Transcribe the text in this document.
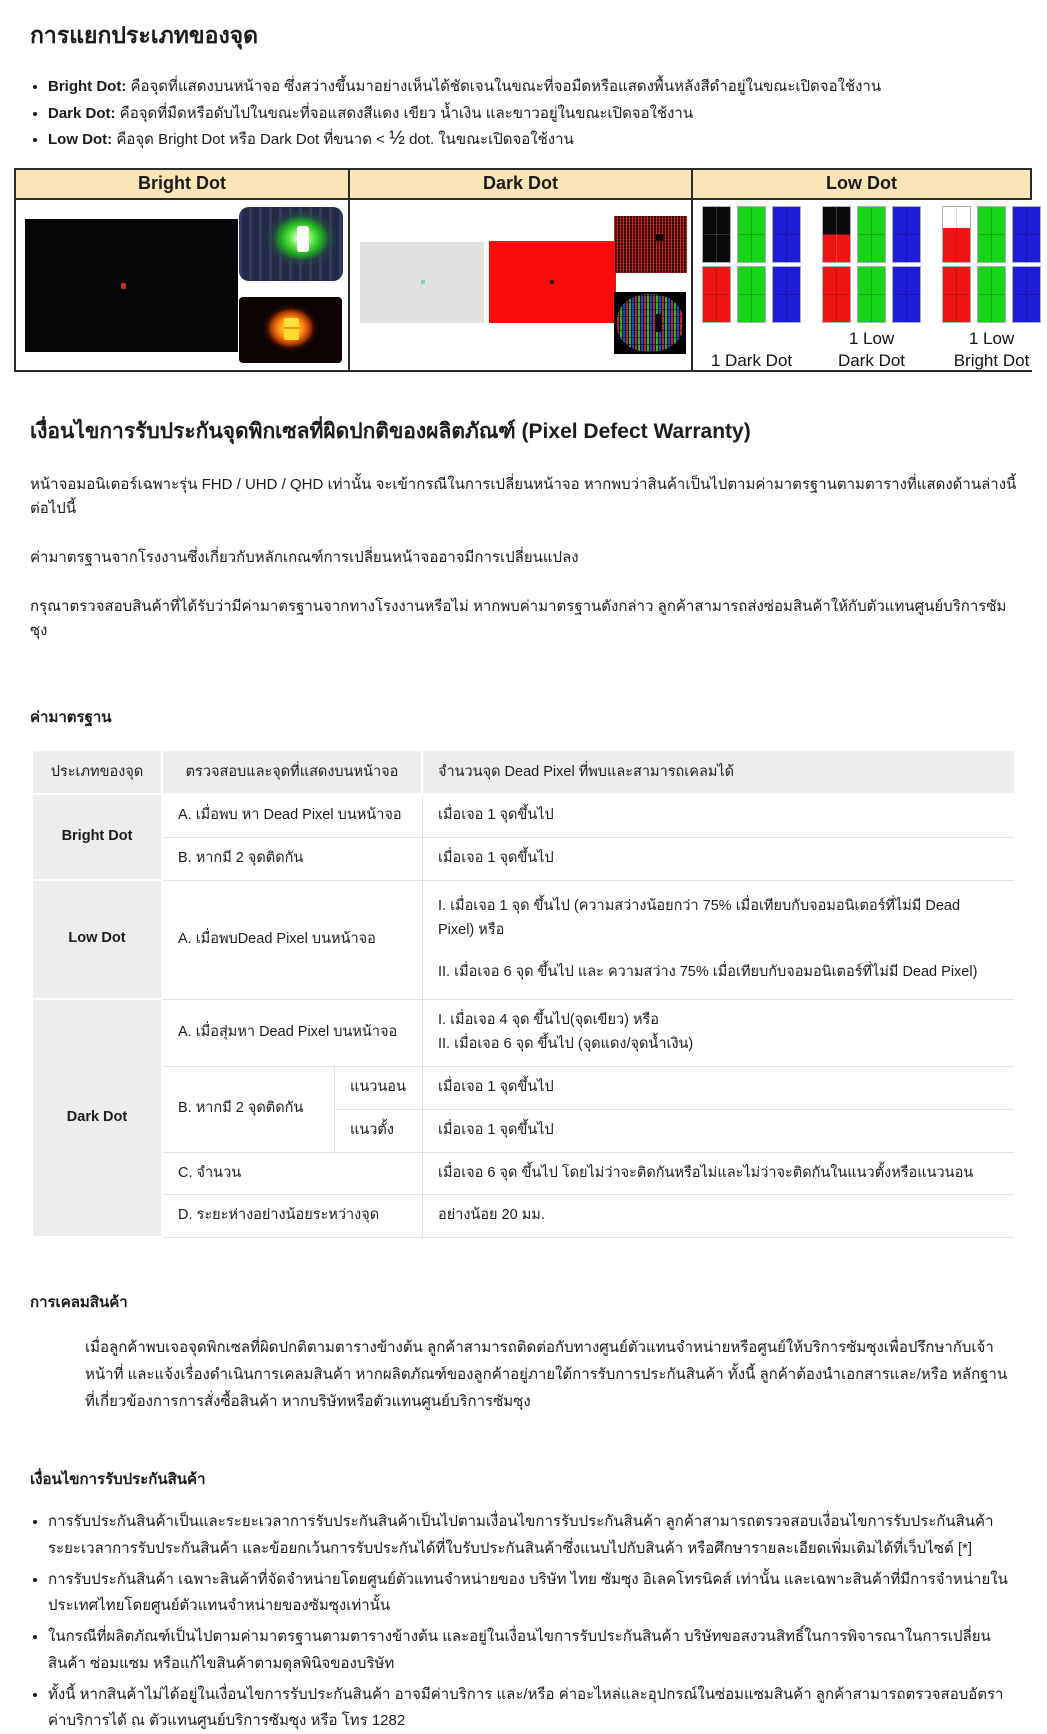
การแยกประเภทของจุด
• Bright Dot: คือจุดที่แสดงบนหน้าจอ ซึ่งสว่างขึ้นมาอย่างเห็นได้ชัดเจนในขณะที่จอมืดหรือแสดงพื้นหลังสีดำอยู่ในขณะเปิดจอใช้งาน
• Dark Dot: คือจุดที่มืดหรือดับไปในขณะที่จอแสดงสีแดง เขียว น้ำเงิน และขาวอยู่ในขณะเปิดจอใช้งาน
• Low Dot: คือจุด Bright Dot หรือ Dark Dot ที่ขนาด < ½ dot. ในขณะเปิดจอใช้งาน
Bright Dot	Dark Dot	Low Dot
1 Dark Dot
1 Low
Dark Dot
1 Low
Bright Dot
เงื่อนไขการรับประกันจุดพิกเซลที่ผิดปกติของผลิตภัณฑ์ (Pixel Defect Warranty)
หน้าจอมอนิเตอร์เฉพาะรุ่น FHD / UHD / QHD เท่านั้น จะเข้ากรณีในการเปลี่ยนหน้าจอ หากพบว่าสินค้าเป็นไปตามค่ามาตรฐานตามตารางที่แสดงด้านล่างนี้ต่อไปนี้
ค่ามาตรฐานจากโรงงานซึ่งเกี่ยวกับหลักเกณฑ์การเปลี่ยนหน้าจออาจมีการเปลี่ยนแปลง
กรุณาตรวจสอบสินค้าที่ได้รับว่ามีค่ามาตรฐานจากทางโรงงานหรือไม่ หากพบค่ามาตรฐานดังกล่าว ลูกค้าสามารถส่งซ่อมสินค้าให้กับตัวแทนศูนย์บริการซัมซุง
ค่ามาตรฐาน
ประเภทของจุด	ตรวจสอบและจุดที่แสดงบนหน้าจอ		จำนวนจุด Dead Pixel ที่พบและสามารถเคลมได้
Bright Dot	A. เมื่อพบ หา Dead Pixel บนหน้าจอ		เมื่อเจอ 1 จุดขึ้นไป
	B. หากมี 2 จุดติดกัน		เมื่อเจอ 1 จุดขึ้นไป
Low Dot	A. เมื่อพบDead Pixel บนหน้าจอ		I. เมื่อเจอ 1 จุด ขึ้นไป (ความสว่างน้อยกว่า 75% เมื่อเทียบกับจอมอนิเตอร์ที่ไม่มี Dead Pixel) หรือ
II. เมื่อเจอ 6 จุด ขึ้นไป และ ความสว่าง 75% เมื่อเทียบกับจอมอนิเตอร์ที่ไม่มี Dead Pixel)

Dark Dot	A. เมื่อสุ่มหา Dead Pixel บนหน้าจอ		I. เมื่อเจอ 4 จุด ขึ้นไป(จุดเขียว) หรือ
II. เมื่อเจอ 6 จุด ขึ้นไป (จุดแดง/จุดน้ำเงิน)
	B. หากมี 2 จุดติดกัน	แนวนอน	เมื่อเจอ 1 จุดขึ้นไป
		แนวตั้ง	เมื่อเจอ 1 จุดขึ้นไป
	C. จำนวน		เมื่อเจอ 6 จุด ขึ้นไป โดยไม่ว่าจะติดกันหรือไม่และไม่ว่าจะติดกันในแนวตั้งหรือแนวนอน
	D. ระยะห่างอย่างน้อยระหว่างจุด		อย่างน้อย 20 มม.
การเคลมสินค้า
เมื่อลูกค้าพบเจอจุดพิกเซลที่ผิดปกติตามตารางข้างต้น ลูกค้าสามารถติดต่อกับทางศูนย์ตัวแทนจำหน่ายหรือศูนย์ให้บริการซัมซุงเพื่อปรึกษากับเจ้าหน้าที่ และแจ้งเรื่องดำเนินการเคลมสินค้า หากผลิตภัณฑ์ของลูกค้าอยู่ภายใต้การรับการประกันสินค้า ทั้งนี้ ลูกค้าต้องนำเอกสารและ/หรือ หลักฐานที่เกี่ยวข้องการการสั่งซื้อสินค้า หากบริษัทหรือตัวแทนศูนย์บริการซัมซุง
เงื่อนไขการรับประกันสินค้า
• การรับประกันสินค้าเป็นและระยะเวลาการรับประกันสินค้าเป็นไปตามเงื่อนไขการรับประกันสินค้า ลูกค้าสามารถตรวจสอบเงื่อนไขการรับประกันสินค้า ระยะเวลาการรับประกันสินค้า และข้อยกเว้นการรับประกันได้ที่ใบรับประกันสินค้าซึ่งแนบไปกับสินค้า หรือศึกษารายละเอียดเพิ่มเติมได้ที่เว็บไซต์ [*]
• การรับประกันสินค้า เฉพาะสินค้าที่จัดจำหน่ายโดยศูนย์ตัวแทนจำหน่ายของ บริษัท ไทย ซัมซุง อิเลคโทรนิคส์ เท่านั้น และเฉพาะสินค้าที่มีการจำหน่ายในประเทศไทยโดยศูนย์ตัวแทนจำหน่ายของซัมซุงเท่านั้น
• ในกรณีที่ผลิตภัณฑ์เป็นไปตามค่ามาตรฐานตามตารางข้างต้น และอยู่ในเงื่อนไขการรับประกันสินค้า บริษัทขอสงวนสิทธิ์ในการพิจารณาในการเปลี่ยนสินค้า ซ่อมแซม หรือแก้ไขสินค้าตามดุลพินิจของบริษัท
• ทั้งนี้ หากสินค้าไม่ได้อยู่ในเงื่อนไขการรับประกันสินค้า อาจมีค่าบริการ และ/หรือ ค่าอะไหล่และอุปกรณ์ในซ่อมแซมสินค้า ลูกค้าสามารถตรวจสอบอัตราค่าบริการได้ ณ ตัวแทนศูนย์บริการซัมซุง หรือ โทร 1282
